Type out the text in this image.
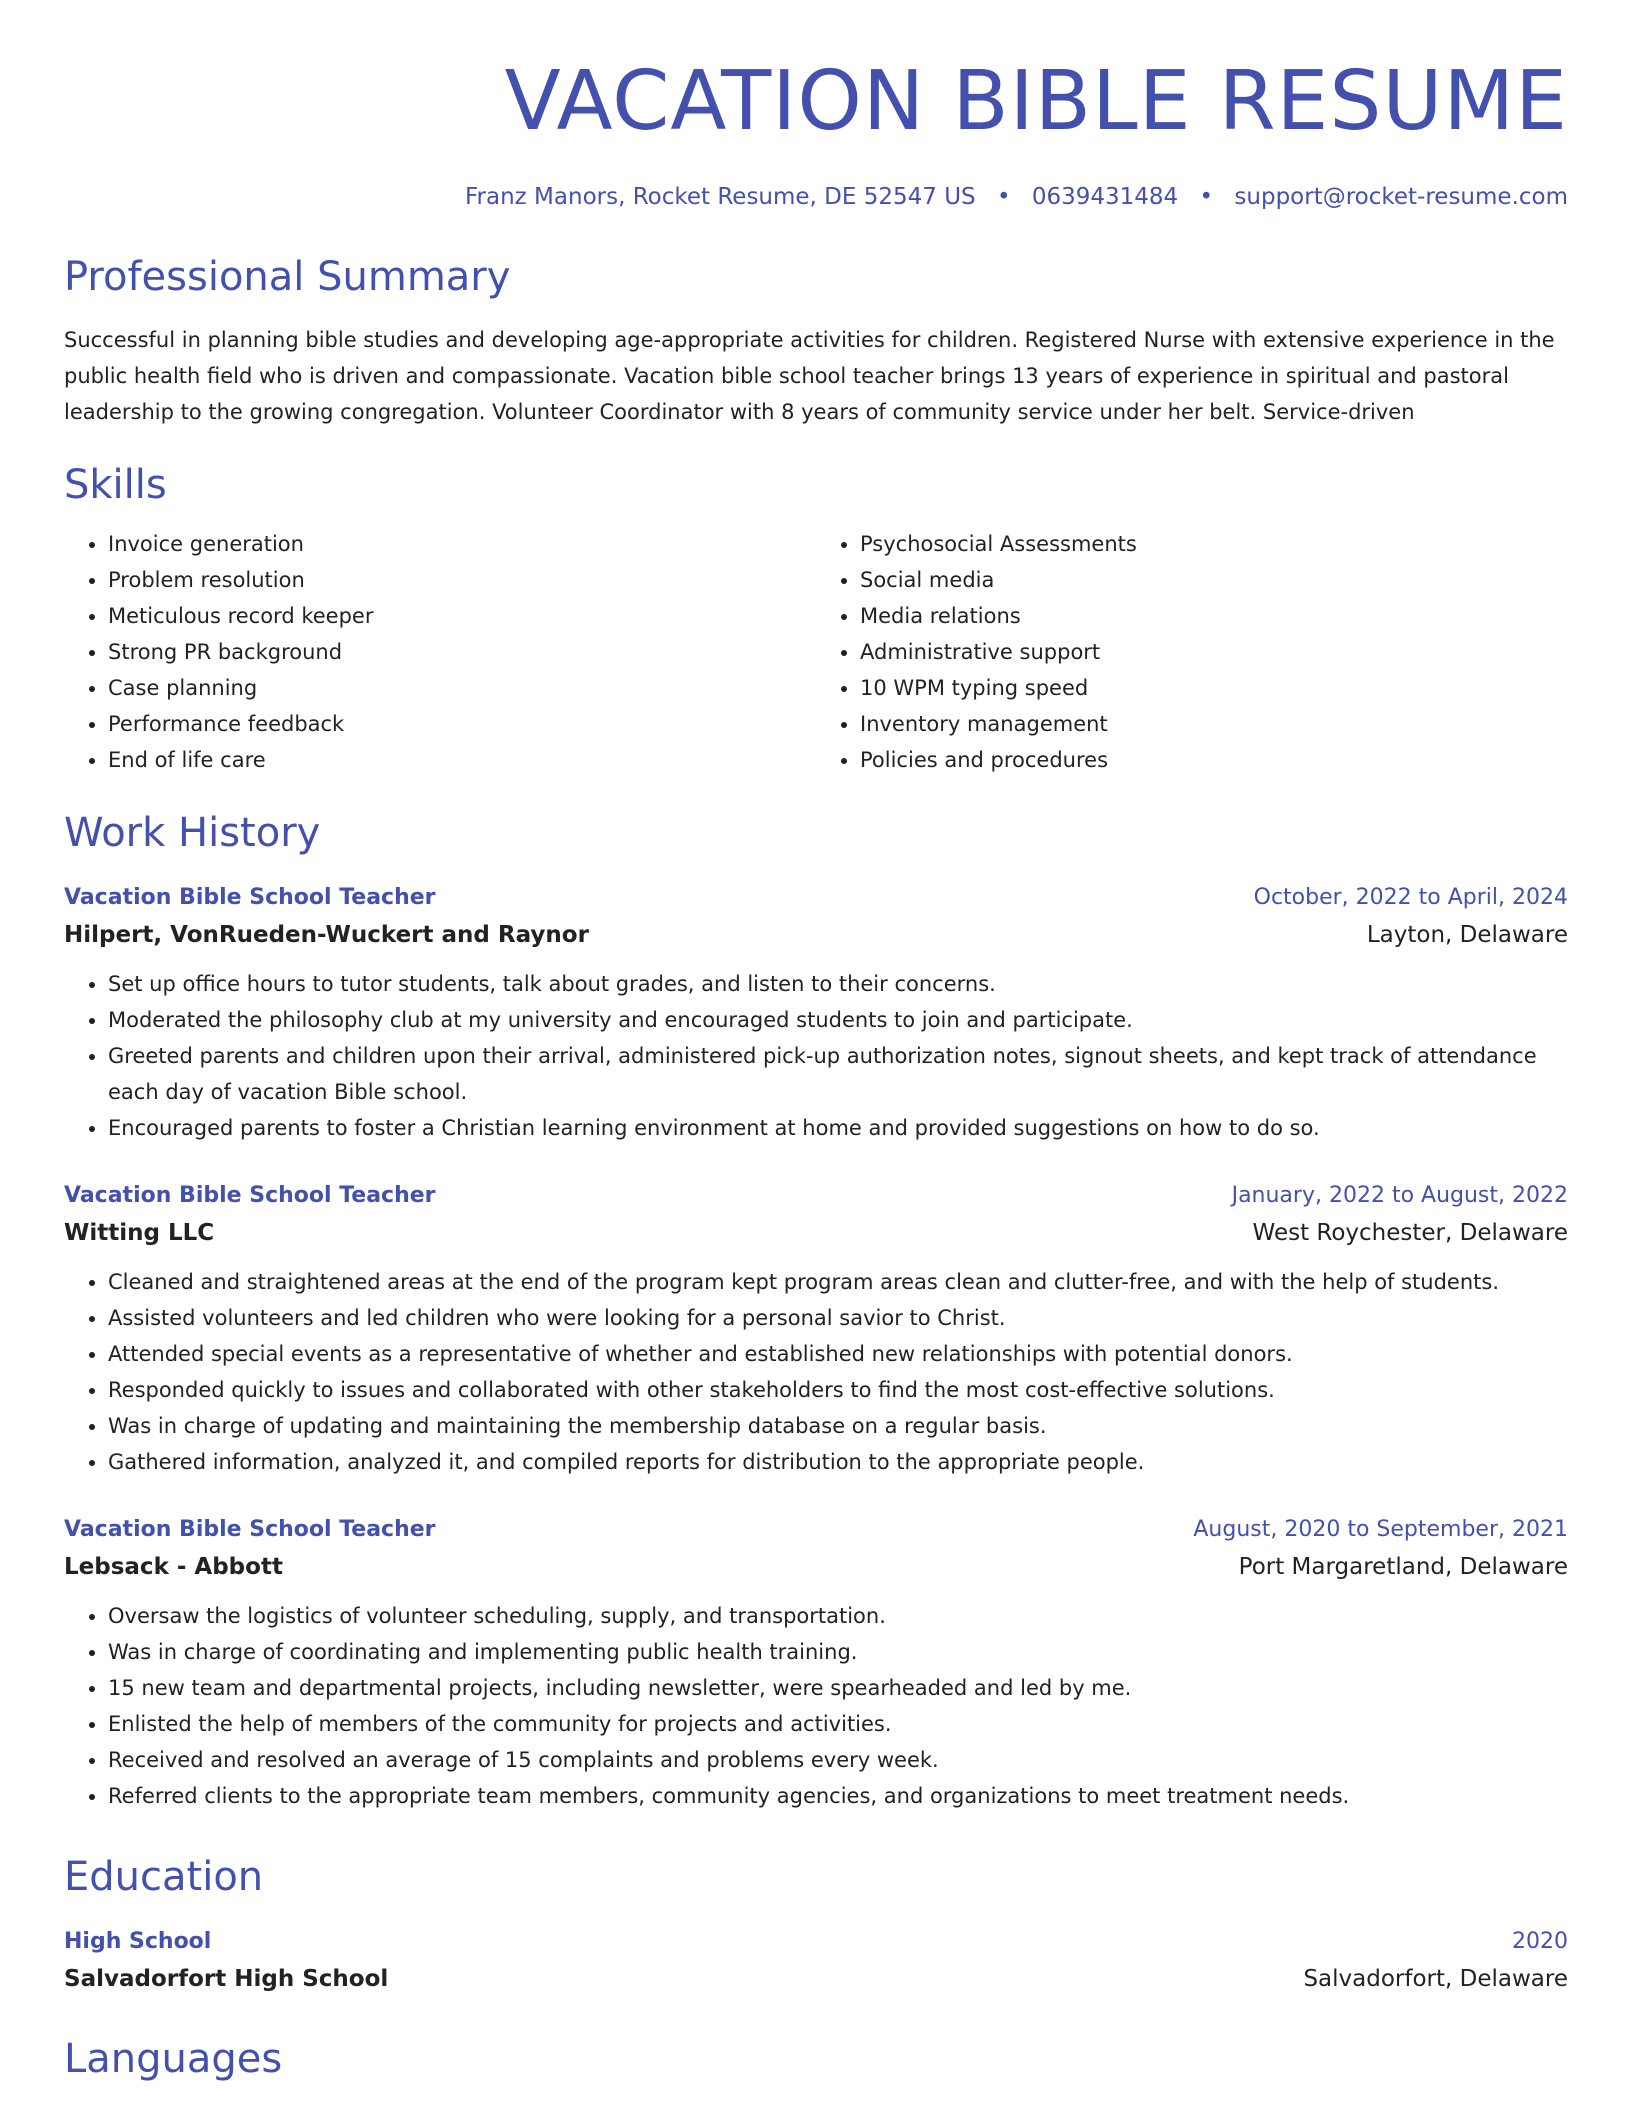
VACATION BIBLE RESUME
Franz Manors, Rocket Resume, DE 52547 US • 0639431484 • support@rocket-resume.com
Professional Summary

Successful in planning bible studies and developing age-appropriate activities for children. Registered Nurse with extensive experience in the public health field who is driven and compassionate. Vacation bible school teacher brings 13 years of experience in spiritual and pastoral leadership to the growing congregation. Volunteer Coordinator with 8 years of community service under her belt. Service-driven

Skills
• Invoice generation
• Problem resolution
• Meticulous record keeper
• Strong PR background
• Case planning
• Performance feedback
• End of life care
• Psychosocial Assessments
• Social media
• Media relations
• Administrative support
• 10 WPM typing speed
• Inventory management
• Policies and procedures
Work History
Vacation Bible School Teacher	October, 2022 to April, 2024
Hilpert, VonRueden-Wuckert and Raynor	Layton, Delaware
• Set up office hours to tutor students, talk about grades, and listen to their concerns.
• Moderated the philosophy club at my university and encouraged students to join and participate.
• Greeted parents and children upon their arrival, administered pick-up authorization notes, signout sheets, and kept track of attendance each day of vacation Bible school.
• Encouraged parents to foster a Christian learning environment at home and provided suggestions on how to do so.
Vacation Bible School Teacher	January, 2022 to August, 2022
Witting LLC	West Roychester, Delaware
• Cleaned and straightened areas at the end of the program kept program areas clean and clutter-free, and with the help of students.
• Assisted volunteers and led children who were looking for a personal savior to Christ.
• Attended special events as a representative of whether and established new relationships with potential donors.
• Responded quickly to issues and collaborated with other stakeholders to find the most cost-effective solutions.
• Was in charge of updating and maintaining the membership database on a regular basis.
• Gathered information, analyzed it, and compiled reports for distribution to the appropriate people.
Vacation Bible School Teacher	August, 2020 to September, 2021
Lebsack - Abbott	Port Margaretland, Delaware
• Oversaw the logistics of volunteer scheduling, supply, and transportation.
• Was in charge of coordinating and implementing public health training.
• 15 new team and departmental projects, including newsletter, were spearheaded and led by me.
• Enlisted the help of members of the community for projects and activities.
• Received and resolved an average of 15 complaints and problems every week.
• Referred clients to the appropriate team members, community agencies, and organizations to meet treatment needs.
Education
High School	2020
Salvadorfort High School	Salvadorfort, Delaware
Languages
